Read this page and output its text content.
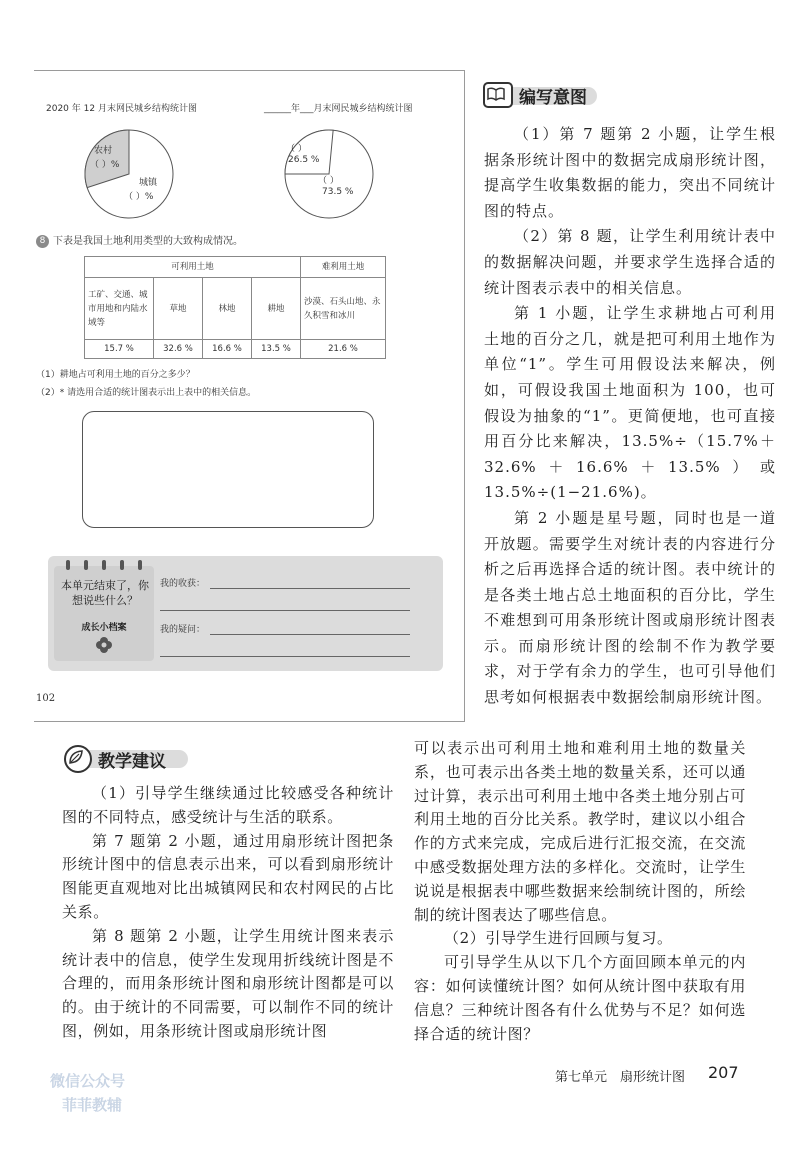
2020 年 12 月末网民城乡结构统计图
农村
（ ）%
城镇
（ ）%
______年___月末网民城乡结构统计图
（ ）
26.5 %
（ ）
73.5 %
8 下表是我国土地利用类型的大致构成情况。
可利用土地				难利用土地
工矿、交通、城市用地和内陆水域等	草地	林地	耕地	沙漠、石头山地、永久积雪和冰川
15.7 %	32.6 %	16.6 %	13.5 %	21.6 %
（1）耕地占可利用土地的百分之多少？
（2）* 请选用合适的统计图表示出上表中的相关信息。
本单元结束了，你想说些什么？
成长小档案
我的收获：
我的疑问：
102
编写意图

（1）第 7 题第 2 小题，让学生根据条形统计图中的数据完成扇形统计图，提高学生收集数据的能力，突出不同统计图的特点。

（2）第 8 题，让学生利用统计表中的数据解决问题，并要求学生选择合适的统计图表示表中的相关信息。

第 1 小题，让学生求耕地占可利用土地的百分之几，就是把可利用土地作为单位“1”。学生可用假设法来解决，例如，可假设我国土地面积为 100，也可假设为抽象的“1”。更简便地，也可直接用百分比来解决，13.5%÷（15.7%＋32.6%＋16.6%＋13.5%）或 13.5%÷(1−21.6%)。

第 2 小题是星号题，同时也是一道开放题。需要学生对统计表的内容进行分析之后再选择合适的统计图。表中统计的是各类土地占总土地面积的百分比，学生不难想到可用条形统计图或扇形统计图表示。而扇形统计图的绘制不作为教学要求，对于学有余力的学生，也可引导他们思考如何根据表中数据绘制扇形统计图。

教学建议

（1）引导学生继续通过比较感受各种统计图的不同特点，感受统计与生活的联系。

第 7 题第 2 小题，通过用扇形统计图把条形统计图中的信息表示出来，可以看到扇形统计图能更直观地对比出城镇网民和农村网民的占比关系。

第 8 题第 2 小题，让学生用统计图来表示统计表中的信息，使学生发现用折线统计图是不合理的，而用条形统计图和扇形统计图都是可以的。由于统计的不同需要，可以制作不同的统计图，例如，用条形统计图或扇形统计图

可以表示出可利用土地和难利用土地的数量关系，也可表示出各类土地的数量关系，还可以通过计算，表示出可利用土地中各类土地分别占可利用土地的百分比关系。教学时，建议以小组合作的方式来完成，完成后进行汇报交流，在交流中感受数据处理方法的多样化。交流时，让学生说说是根据表中哪些数据来绘制统计图的，所绘制的统计图表达了哪些信息。

（2）引导学生进行回顾与复习。

可引导学生从以下几个方面回顾本单元的内容：如何读懂统计图？如何从统计图中获取有用信息？三种统计图各有什么优势与不足？如何选择合适的统计图？

第七单元　扇形统计图 207
微信公众号
菲菲教辅
